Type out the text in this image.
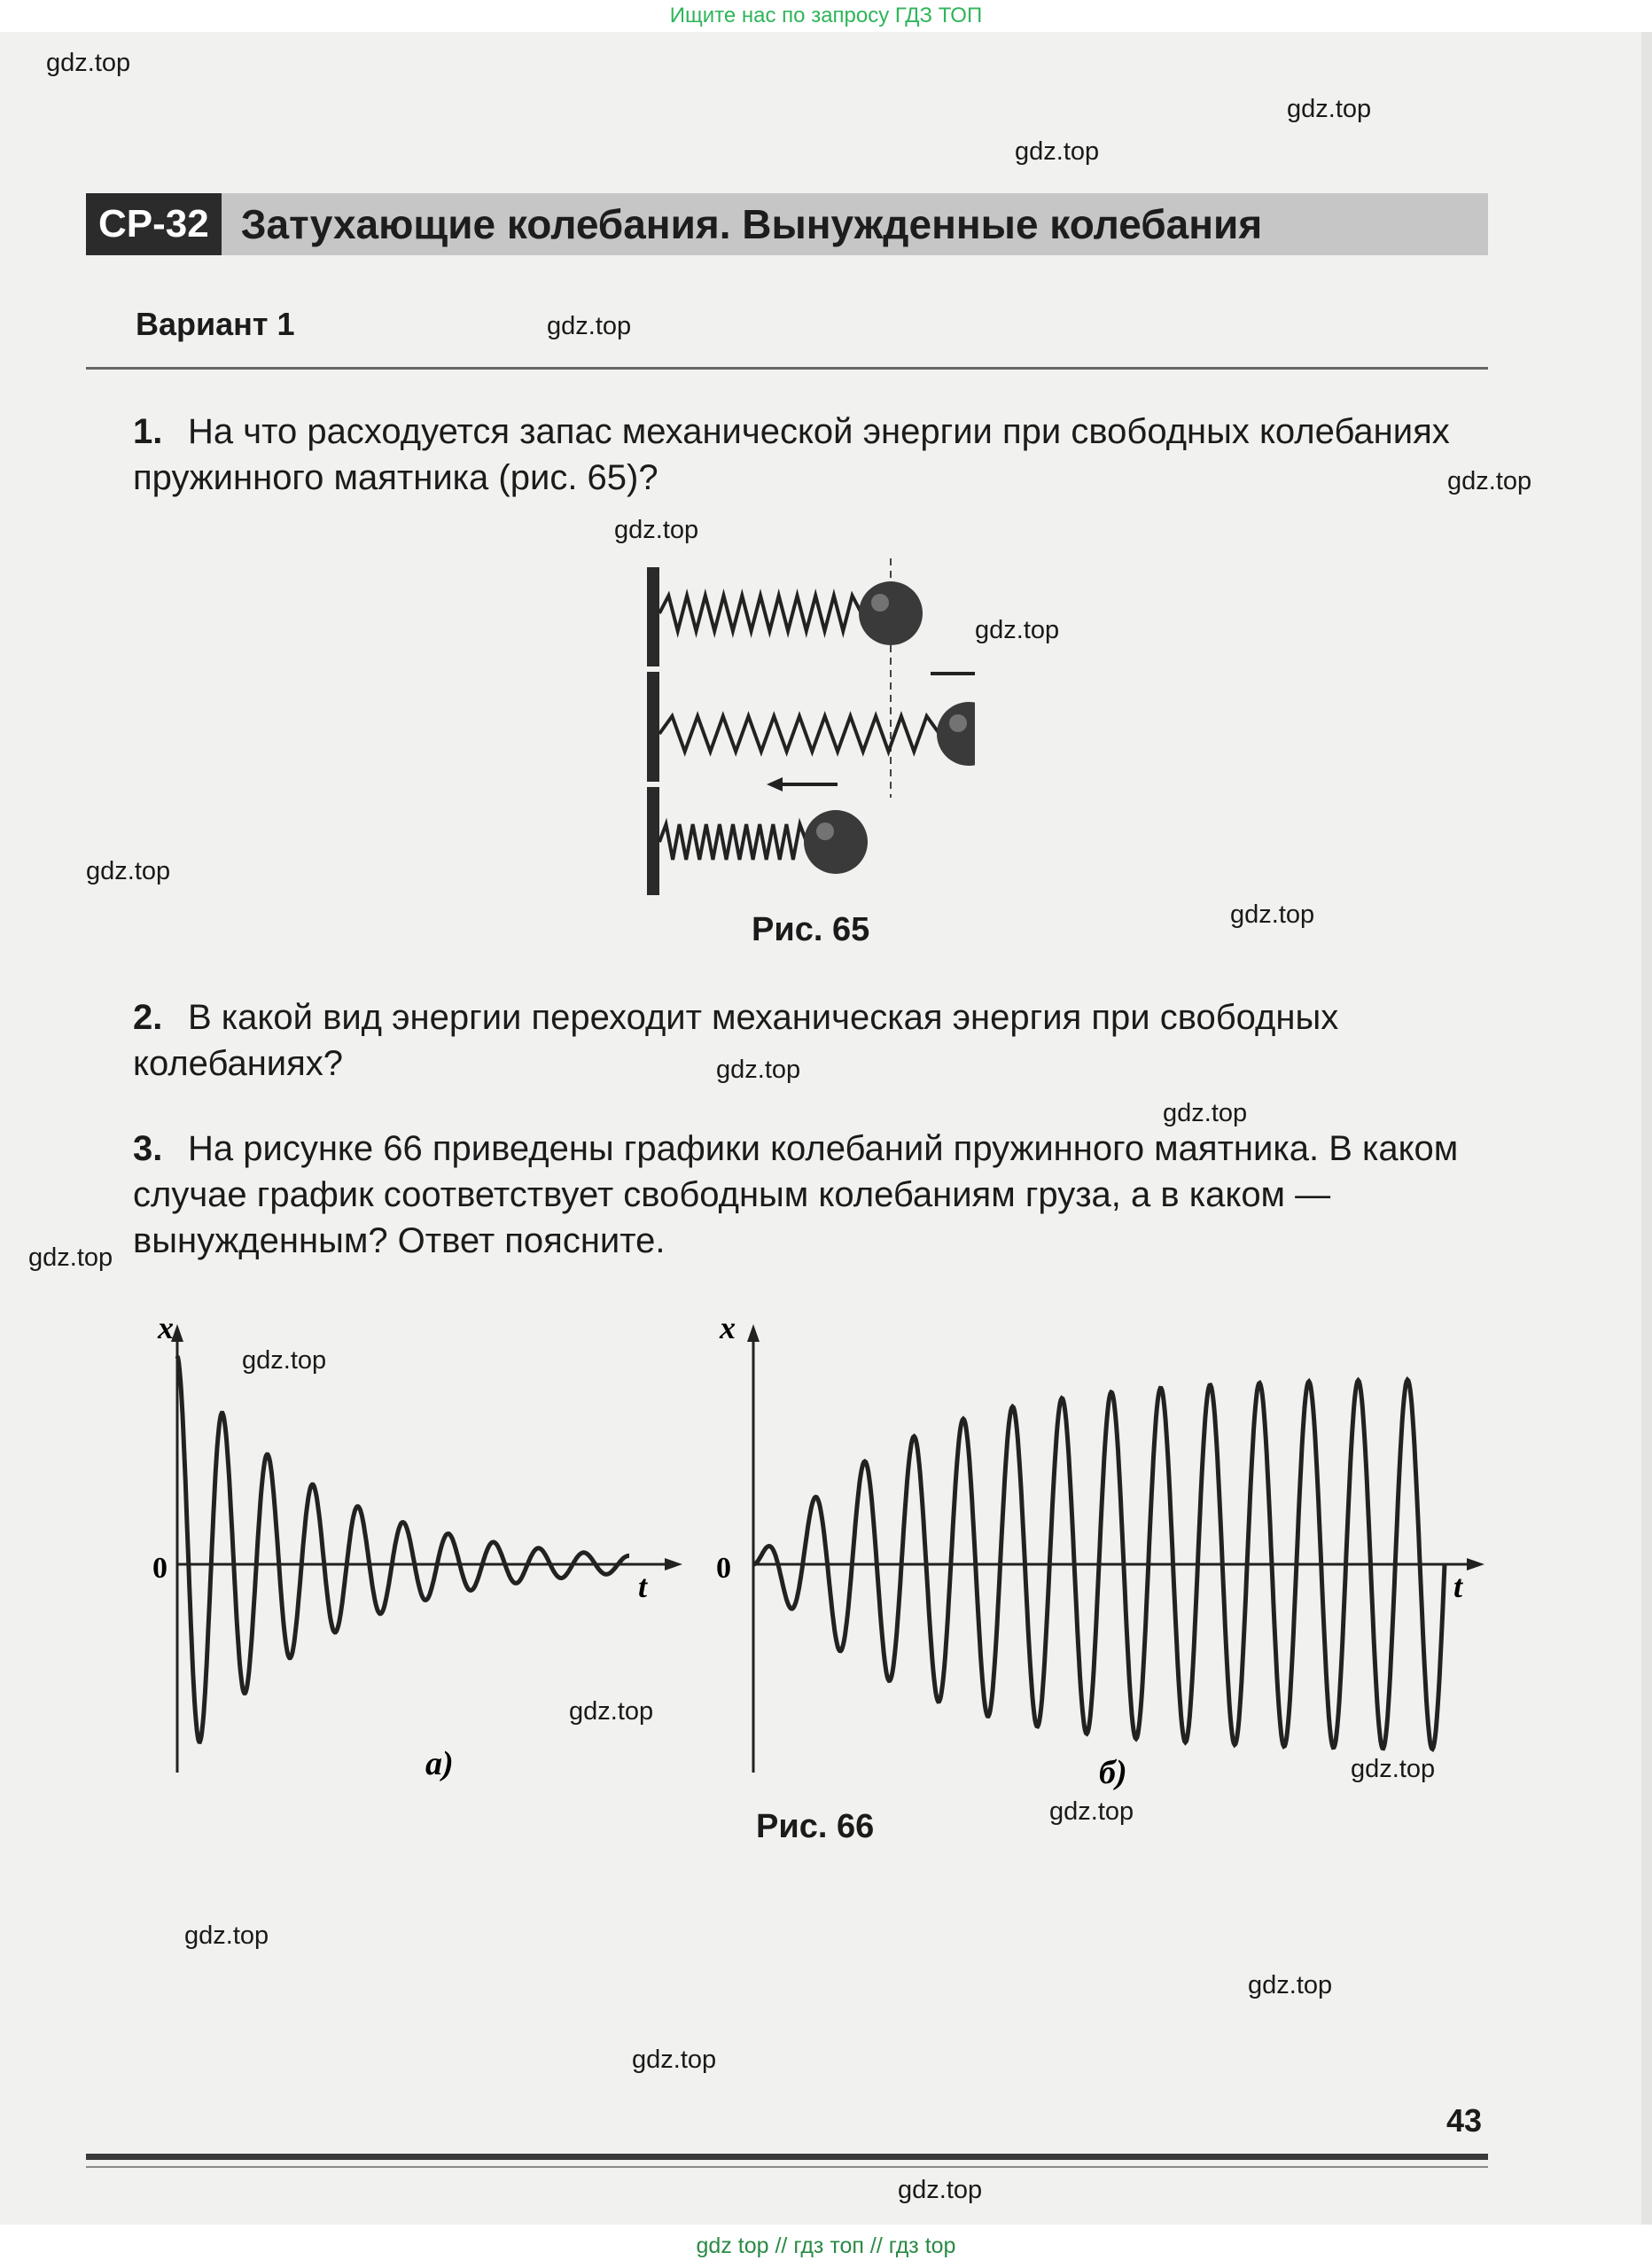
Ищите нас по запросу ГДЗ ТОП
СР-32 Затухающие колебания. Вынужденные колебания
Вариант 1
1. На что расходуется запас механической энергии при свободных колебаниях пружинного маятника (рис. 65)?
Рис. 65
2. В какой вид энергии переходит механическая энергия при свободных колебаниях?
3. На рисунке 66 приведены графики колебаний пружинного маятника. В каком случае график соответствует свободным колебаниям груза, а в каком — вынужденным? Ответ поясните.
x
0
t
а)
x
0
t
б)
Рис. 66
43
gdz.top
gdz.top
gdz.top
gdz.top
gdz.top
gdz.top
gdz.top
gdz.top
gdz.top
gdz.top
gdz.top
gdz.top
gdz.top
gdz.top
gdz.top
gdz.top
gdz.top
gdz.top
gdz.top
gdz.top
gdz top // гдз топ // гдз top
